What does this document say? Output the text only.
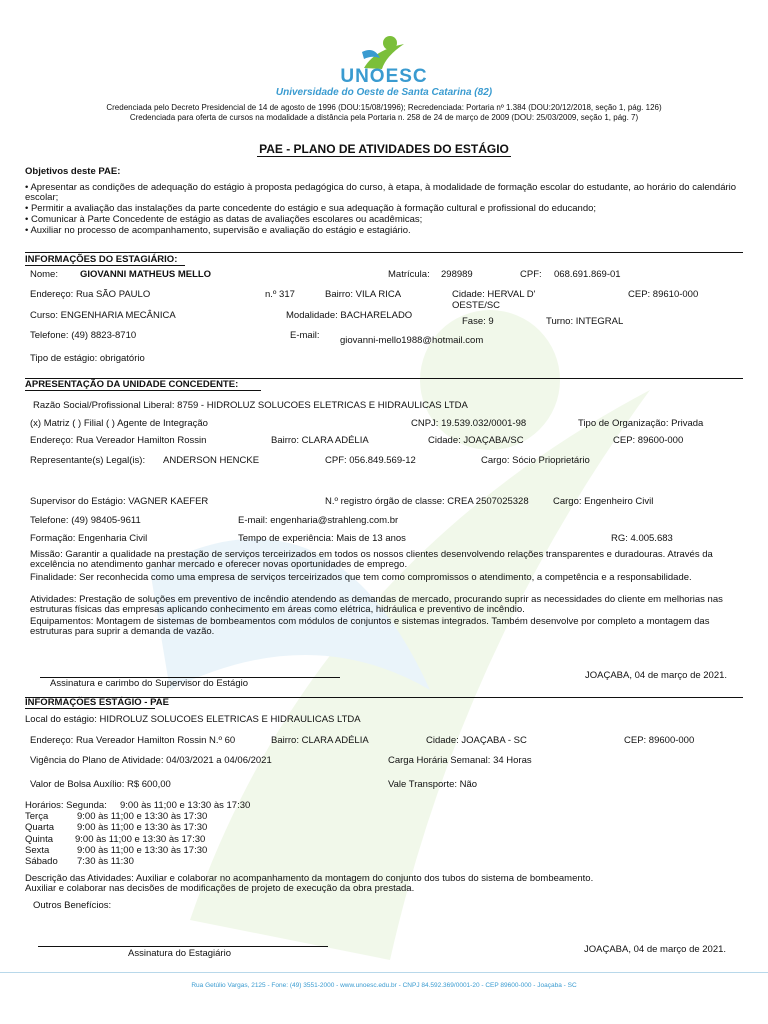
UNOESC
Universidade do Oeste de Santa Catarina (82)
Credenciada pelo Decreto Presidencial de 14 de agosto de 1996 (DOU:15/08/1996); Recredenciada: Portaria nº 1.384 (DOU:20/12/2018, seção 1, pág. 126)
Credenciada para oferta de cursos na modalidade a distância pela Portaria n. 258 de 24 de março de 2009 (DOU: 25/03/2009, seção 1, pág. 7)
PAE - PLANO DE ATIVIDADES DO ESTÁGIO
Objetivos deste PAE:
• Apresentar as condições de adequação do estágio à proposta pedagógica do curso, à etapa, à modalidade de formação escolar do estudante, ao horário do calendário escolar;
• Permitir a avaliação das instalações da parte concedente do estágio e sua adequação à formação cultural e profissional do educando;
• Comunicar à Parte Concedente de estágio as datas de avaliações escolares ou acadêmicas;
• Auxiliar no processo de acompanhamento, supervisão e avaliação do estágio e estagiário.
INFORMAÇÕES DO ESTAGIÁRIO:
Nome: GIOVANNI MATHEUS MELLO	Matrícula: 298989	CPF: 068.691.869-01
Endereço: Rua SÃO PAULO	n.º 317	Bairro: VILA RICA	Cidade: HERVAL D'
OESTE/SC
CEP: 89610-000
Curso: ENGENHARIA MECÂNICA	Modalidade: BACHARELADO
Fase: 9	Turno: INTEGRAL
Telefone: (49) 8823-8710	E-mail: giovanni-mello1988@hotmail.com
Tipo de estágio: obrigatório
APRESENTAÇÃO DA UNIDADE CONCEDENTE:
Razão Social/Profissional Liberal: 8759 - HIDROLUZ SOLUCOES ELETRICAS E HIDRAULICAS LTDA
(x) Matriz ( ) Filial ( ) Agente de Integração	CNPJ: 19.539.032/0001-98	Tipo de Organização: Privada
Endereço: Rua Vereador Hamilton Rossin	Bairro: CLARA ADÉLIA	Cidade: JOAÇABA/SC	CEP: 89600-000
Representante(s) Legal(is): ANDERSON HENCKE	CPF: 056.849.569-12	Cargo: Sócio Prioprietário
Supervisor do Estágio: VAGNER KAEFER	N.º registro órgão de classe: CREA 2507025328	Cargo: Engenheiro Civil
Telefone: (49) 98405-9611	E-mail: engenharia@strahleng.com.br
Formação: Engenharia Civil	Tempo de experiência: Mais de 13 anos	RG: 4.005.683
Missão: Garantir a qualidade na prestação de serviços terceirizados em todos os nossos clientes desenvolvendo relações transparentes e duradouras. Através da excelência no atendimento ganhar mercado e oferecer novas oportunidades de emprego.
Finalidade: Ser reconhecida como uma empresa de serviços terceirizados que tem como compromissos o atendimento, a competência e a responsabilidade.
Atividades: Prestação de soluções em preventivo de incêndio atendendo as demandas de mercado, procurando suprir as necessidades do cliente em melhorias nas estruturas físicas das empresas aplicando conhecimento em áreas como elétrica, hidráulica e preventivo de incêndio.
Equipamentos: Montagem de sistemas de bombeamentos com módulos de conjuntos e sistemas integrados. Também desenvolve por completo a montagem das estruturas para suprir a demanda de vazão.
JOAÇABA, 04 de março de 2021.
Assinatura e carimbo do Supervisor do Estágio
INFORMAÇÕES ESTÁGIO - PAE
Local do estágio: HIDROLUZ SOLUCOES ELETRICAS E HIDRAULICAS LTDA
Endereço: Rua Vereador Hamilton Rossin N.º 60	Bairro: CLARA ADÉLIA	Cidade: JOAÇABA - SC	CEP: 89600-000
Vigência do Plano de Atividade: 04/03/2021 a 04/06/2021	Carga Horária Semanal: 34 Horas
Valor de Bolsa Auxílio: R$ 600,00	Vale Transporte: Não
Horários: Segunda: 9:00 às 11;00 e 13:30 às 17:30
Terça	9:00 às 11;00 e 13:30 às 17:30
Quarta 9:00 às 11;00 e 13:30 às 17:30
Quinta 9:00 às 11;00 e 13:30 às 17:30
Sexta	9:00 às 11;00 e 13:30 às 17:30
Sábado 7:30 às 11:30
Descrição das Atividades: Auxiliar e colaborar no acompanhamento da montagem do conjunto dos tubos do sistema de bombeamento.
Auxiliar e colaborar nas decisões de modificações de projeto de execução da obra prestada.
Outros Benefícios:
Assinatura do Estagiário	JOAÇABA, 04 de março de 2021.
Rua Getúlio Vargas, 2125 - Fone: (49) 3551-2000 - www.unoesc.edu.br - CNPJ 84.592.369/0001-20 - CEP 89600-000 - Joaçaba - SC
